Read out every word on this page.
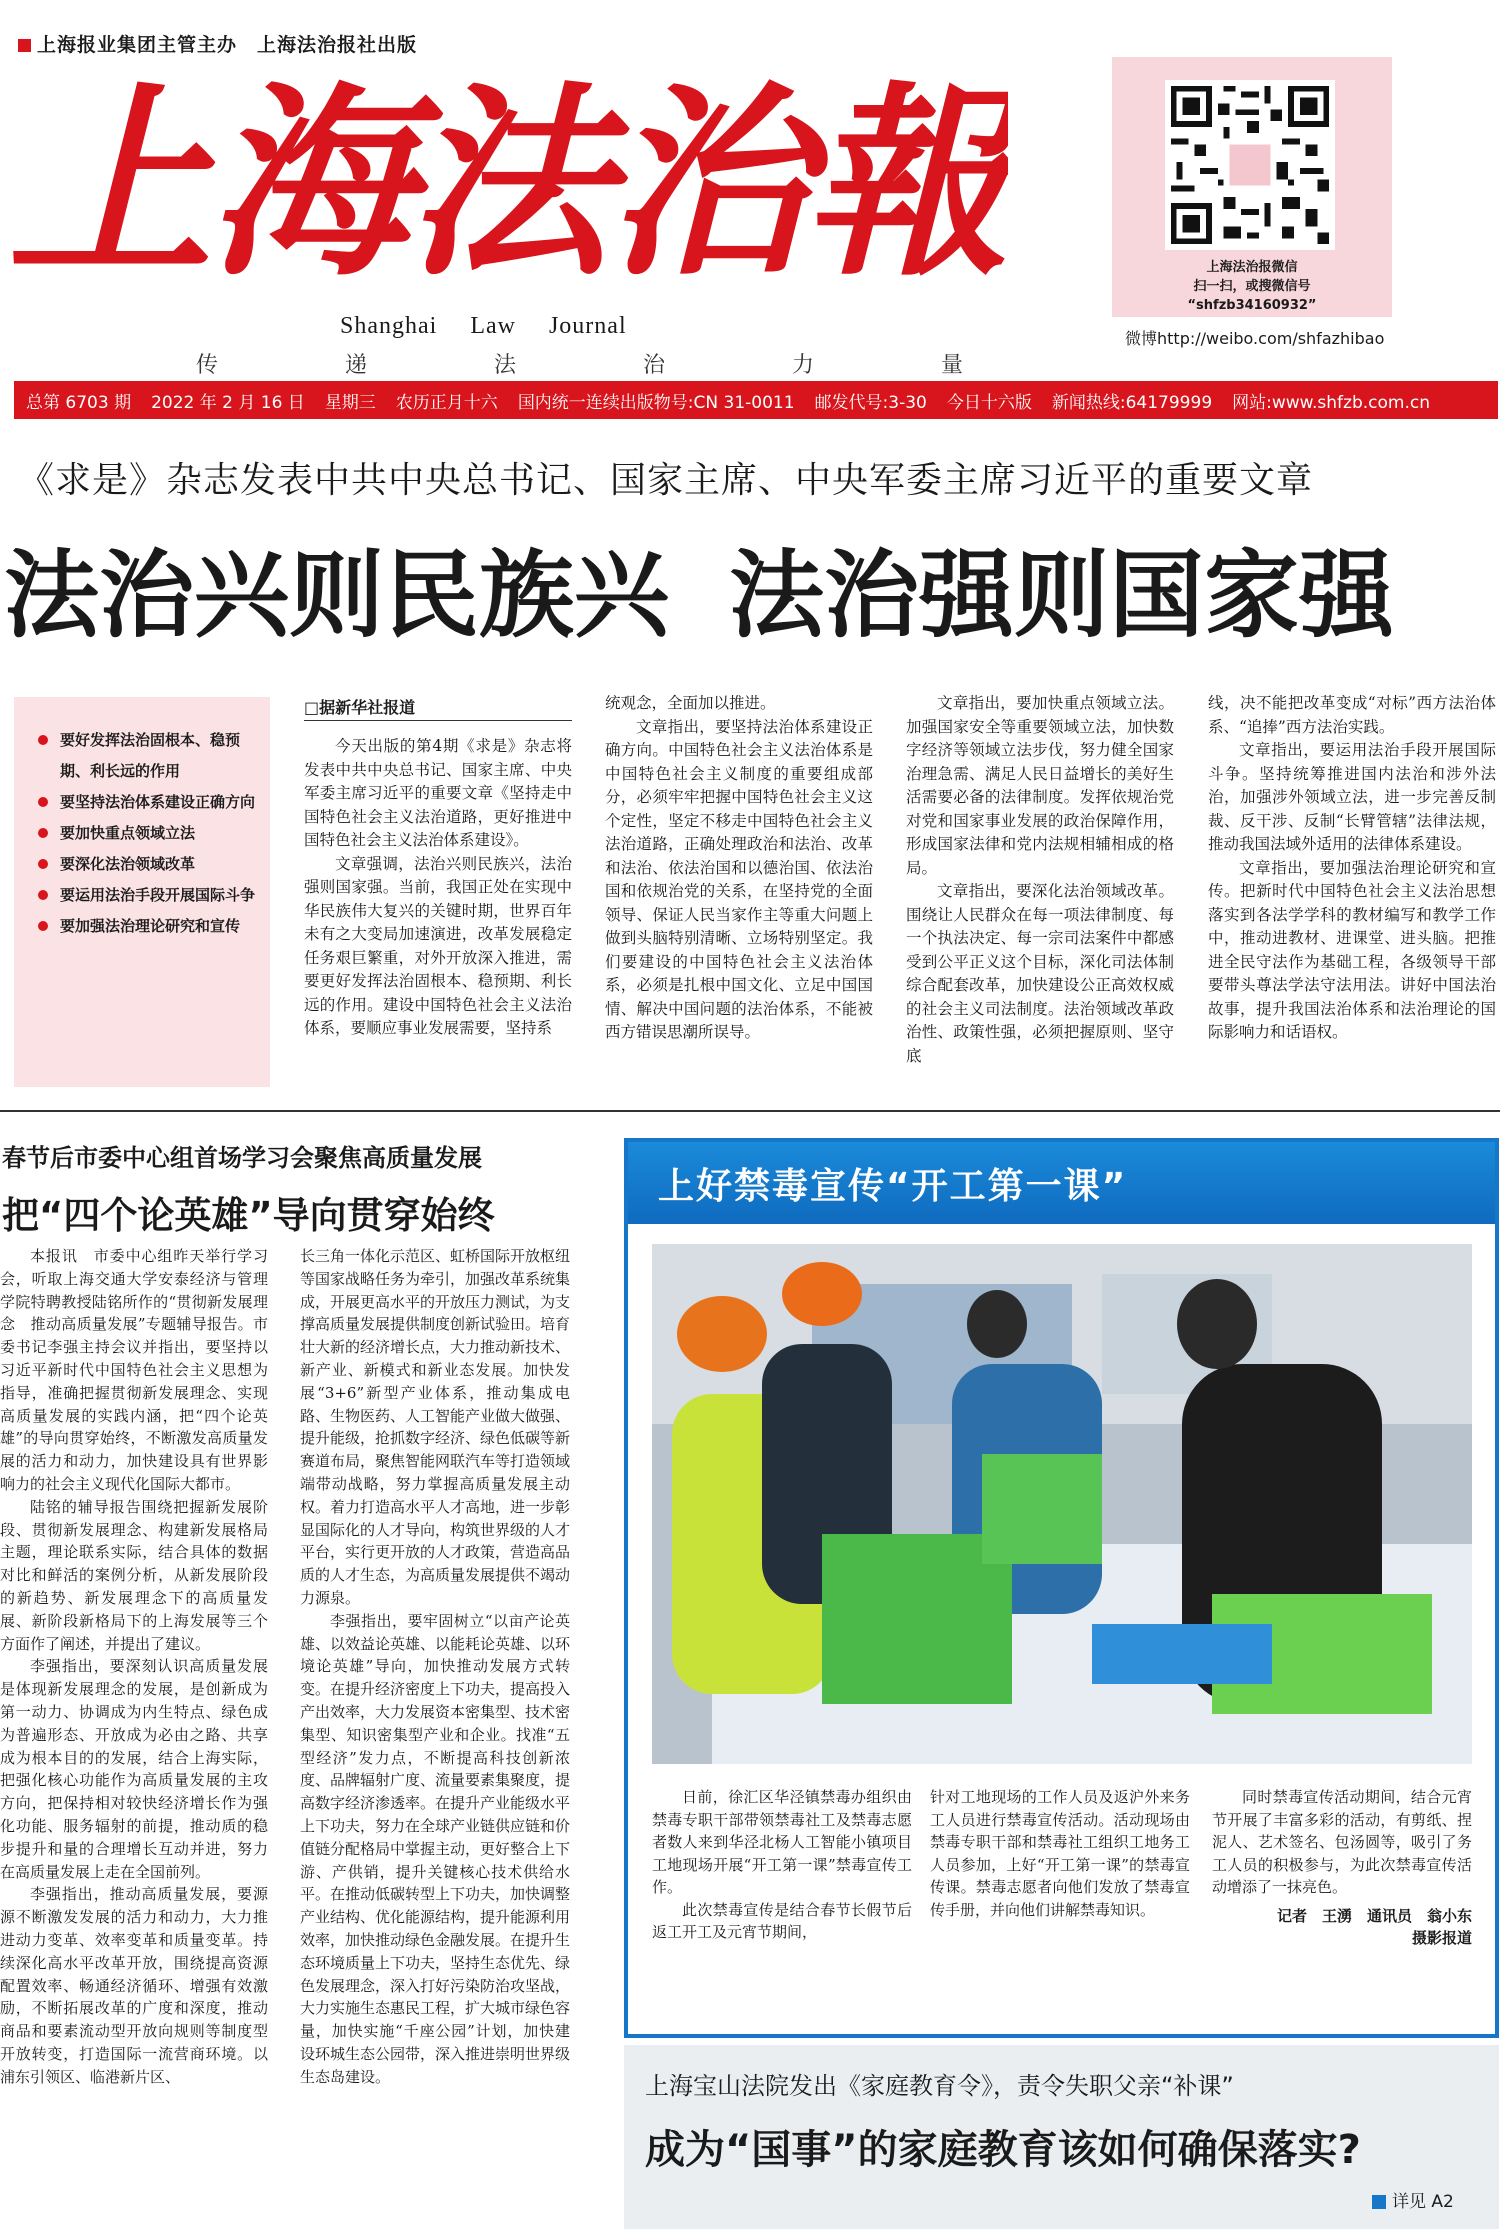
上海报业集团主管主办　上海法治报社出版
上海法治報
Shanghai Law Journal
传 递 法 治 力 量
上海法治报微信
扫一扫，或搜微信号
“shfzb34160932”
微博http://weibo.com/shfazhibao
总第 6703 期 2022 年 2 月 16 日 星期三 农历正月十六 国内统一连续出版物号:CN 31-0011 邮发代号:3-30 今日十六版 新闻热线:64179999 网站:www.shfzb.com.cn
《求是》杂志发表中共中央总书记、国家主席、中央军委主席习近平的重要文章
法治兴则民族兴 法治强则国家强
要好发挥法治固根本、稳预期、利长远的作用
要坚持法治体系建设正确方向
要加快重点领域立法
要深化法治领域改革
要运用法治手段开展国际斗争
要加强法治理论研究和宣传
□据新华社报道

今天出版的第4期《求是》杂志将发表中共中央总书记、国家主席、中央军委主席习近平的重要文章《坚持走中国特色社会主义法治道路，更好推进中国特色社会主义法治体系建设》。

文章强调，法治兴则民族兴，法治强则国家强。当前，我国正处在实现中华民族伟大复兴的关键时期，世界百年未有之大变局加速演进，改革发展稳定任务艰巨繁重，对外开放深入推进，需要更好发挥法治固根本、稳预期、利长远的作用。建设中国特色社会主义法治体系，要顺应事业发展需要，坚持系

统观念，全面加以推进。

文章指出，要坚持法治体系建设正确方向。中国特色社会主义法治体系是中国特色社会主义制度的重要组成部分，必须牢牢把握中国特色社会主义这个定性，坚定不移走中国特色社会主义法治道路，正确处理政治和法治、改革和法治、依法治国和以德治国、依法治国和依规治党的关系，在坚持党的全面领导、保证人民当家作主等重大问题上做到头脑特别清晰、立场特别坚定。我们要建设的中国特色社会主义法治体系，必须是扎根中国文化、立足中国国情、解决中国问题的法治体系，不能被西方错误思潮所误导。

文章指出，要加快重点领域立法。加强国家安全等重要领域立法，加快数字经济等领域立法步伐，努力健全国家治理急需、满足人民日益增长的美好生活需要必备的法律制度。发挥依规治党对党和国家事业发展的政治保障作用，形成国家法律和党内法规相辅相成的格局。

文章指出，要深化法治领域改革。围绕让人民群众在每一项法律制度、每一个执法决定、每一宗司法案件中都感受到公平正义这个目标，深化司法体制综合配套改革，加快建设公正高效权威的社会主义司法制度。法治领域改革政治性、政策性强，必须把握原则、坚守底

线，决不能把改革变成“对标”西方法治体系、“追捧”西方法治实践。

文章指出，要运用法治手段开展国际斗争。坚持统筹推进国内法治和涉外法治，加强涉外领域立法，进一步完善反制裁、反干涉、反制“长臂管辖”法律法规，推动我国法域外适用的法律体系建设。

文章指出，要加强法治理论研究和宣传。把新时代中国特色社会主义法治思想落实到各法学学科的教材编写和教学工作中，推动进教材、进课堂、进头脑。把推进全民守法作为基础工程，各级领导干部要带头尊法学法守法用法。讲好中国法治故事，提升我国法治体系和法治理论的国际影响力和话语权。

春节后市委中心组首场学习会聚焦高质量发展
把“四个论英雄”导向贯穿始终

本报讯　市委中心组昨天举行学习会，听取上海交通大学安泰经济与管理学院特聘教授陆铭所作的“贯彻新发展理念　推动高质量发展”专题辅导报告。市委书记李强主持会议并指出，要坚持以习近平新时代中国特色社会主义思想为指导，准确把握贯彻新发展理念、实现高质量发展的实践内涵，把“四个论英雄”的导向贯穿始终，不断激发高质量发展的活力和动力，加快建设具有世界影响力的社会主义现代化国际大都市。

陆铭的辅导报告围绕把握新发展阶段、贯彻新发展理念、构建新发展格局主题，理论联系实际，结合具体的数据对比和鲜活的案例分析，从新发展阶段的新趋势、新发展理念下的高质量发展、新阶段新格局下的上海发展等三个方面作了阐述，并提出了建议。

李强指出，要深刻认识高质量发展是体现新发展理念的发展，是创新成为第一动力、协调成为内生特点、绿色成为普遍形态、开放成为必由之路、共享成为根本目的的发展，结合上海实际，把强化核心功能作为高质量发展的主攻方向，把保持相对较快经济增长作为强化功能、服务辐射的前提，推动质的稳步提升和量的合理增长互动并进，努力在高质量发展上走在全国前列。

李强指出，推动高质量发展，要源源不断激发发展的活力和动力，大力推进动力变革、效率变革和质量变革。持续深化高水平改革开放，围绕提高资源配置效率、畅通经济循环、增强有效激励，不断拓展改革的广度和深度，推动商品和要素流动型开放向规则等制度型开放转变，打造国际一流营商环境。以浦东引领区、临港新片区、

长三角一体化示范区、虹桥国际开放枢纽等国家战略任务为牵引，加强改革系统集成，开展更高水平的开放压力测试，为支撑高质量发展提供制度创新试验田。培育壮大新的经济增长点，大力推动新技术、新产业、新模式和新业态发展。加快发展“3+6”新型产业体系，推动集成电路、生物医药、人工智能产业做大做强、提升能级，抢抓数字经济、绿色低碳等新赛道布局，聚焦智能网联汽车等打造领域端带动战略，努力掌握高质量发展主动权。着力打造高水平人才高地，进一步彰显国际化的人才导向，构筑世界级的人才平台，实行更开放的人才政策，营造高品质的人才生态，为高质量发展提供不竭动力源泉。

李强指出，要牢固树立“以亩产论英雄、以效益论英雄、以能耗论英雄、以环境论英雄”导向，加快推动发展方式转变。在提升经济密度上下功夫，提高投入产出效率，大力发展资本密集型、技术密集型、知识密集型产业和企业。找准“五型经济”发力点，不断提高科技创新浓度、品牌辐射广度、流量要素集聚度，提高数字经济渗透率。在提升产业能级水平上下功夫，努力在全球产业链供应链和价值链分配格局中掌握主动，更好整合上下游、产供销，提升关键核心技术供给水平。在推动低碳转型上下功夫，加快调整产业结构、优化能源结构，提升能源利用效率，加快推动绿色金融发展。在提升生态环境质量上下功夫，坚持生态优先、绿色发展理念，深入打好污染防治攻坚战，大力实施生态惠民工程，扩大城市绿色容量，加快实施“千座公园”计划，加快建设环城生态公园带，深入推进崇明世界级生态岛建设。

上好禁毒宣传“开工第一课”

日前，徐汇区华泾镇禁毒办组织由禁毒专职干部带领禁毒社工及禁毒志愿者数人来到华泾北杨人工智能小镇项目工地现场开展“开工第一课”禁毒宣传工作。

此次禁毒宣传是结合春节长假节后返工开工及元宵节期间，

针对工地现场的工作人员及返沪外来务工人员进行禁毒宣传活动。活动现场由禁毒专职干部和禁毒社工组织工地务工人员参加，上好“开工第一课”的禁毒宣传课。禁毒志愿者向他们发放了禁毒宣传手册，并向他们讲解禁毒知识。

同时禁毒宣传活动期间，结合元宵节开展了丰富多彩的活动，有剪纸、捏泥人、艺术签名、包汤圆等，吸引了务工人员的积极参与，为此次禁毒宣传活动增添了一抹亮色。

记者　王湧　通讯员　翁小东

摄影报道

上海宝山法院发出《家庭教育令》，责令失职父亲“补课”
成为“国事”的家庭教育该如何确保落实?
详见 A2
